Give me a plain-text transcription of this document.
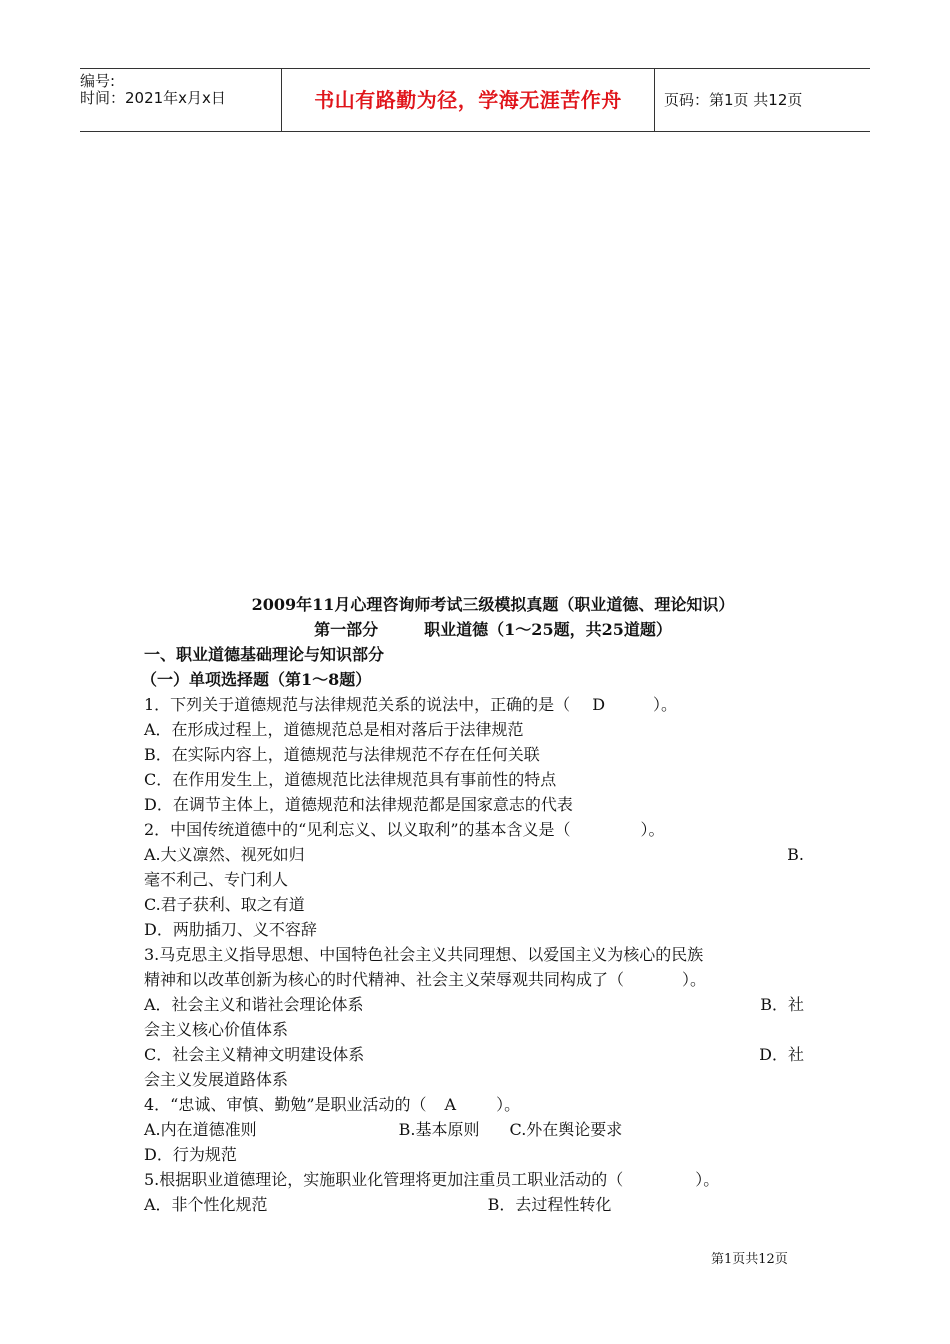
编号:
时间：2021年x月x日	书山有路勤为径，学海无涯苦作舟	页码：第1页 共12页
2009年11月心理咨询师考试三级模拟真题（职业道德、理论知识）
第一部分	职业道德（1～25题，共25道题）
一、职业道德基础理论与知识部分
（一）单项选择题（第1～8题）
1．下列关于道德规范与法律规范关系的说法中，正确的是（ D	）。
A．在形成过程上，道德规范总是相对落后于法律规范
B．在实际内容上，道德规范与法律规范不存在任何关联
C．在作用发生上，道德规范比法律规范具有事前性的特点
D．在调节主体上，道德规范和法律规范都是国家意志的代表
2．中国传统道德中的“见利忘义、以义取利”的基本含义是（	）。
A.大义凛然、视死如归	B.
毫不利己、专门利人
C.君子获利、取之有道
D．两肋插刀、义不容辞
3.马克思主义指导思想、中国特色社会主义共同理想、以爱国主义为核心的民族
精神和以改革创新为核心的时代精神、社会主义荣辱观共同构成了（	）。
A．社会主义和谐社会理论体系	B．社
会主义核心价值体系
C．社会主义精神文明建设体系	D．社
会主义发展道路体系
4．“忠诚、审慎、勤勉”是职业活动的（ A	）。
A.内在道德准则	B.基本原则 C.外在舆论要求
D．行为规范
5.根据职业道德理论，实施职业化管理将更加注重员工职业活动的（	）。
A．非个性化规范	B．去过程性转化
第1页共12页
